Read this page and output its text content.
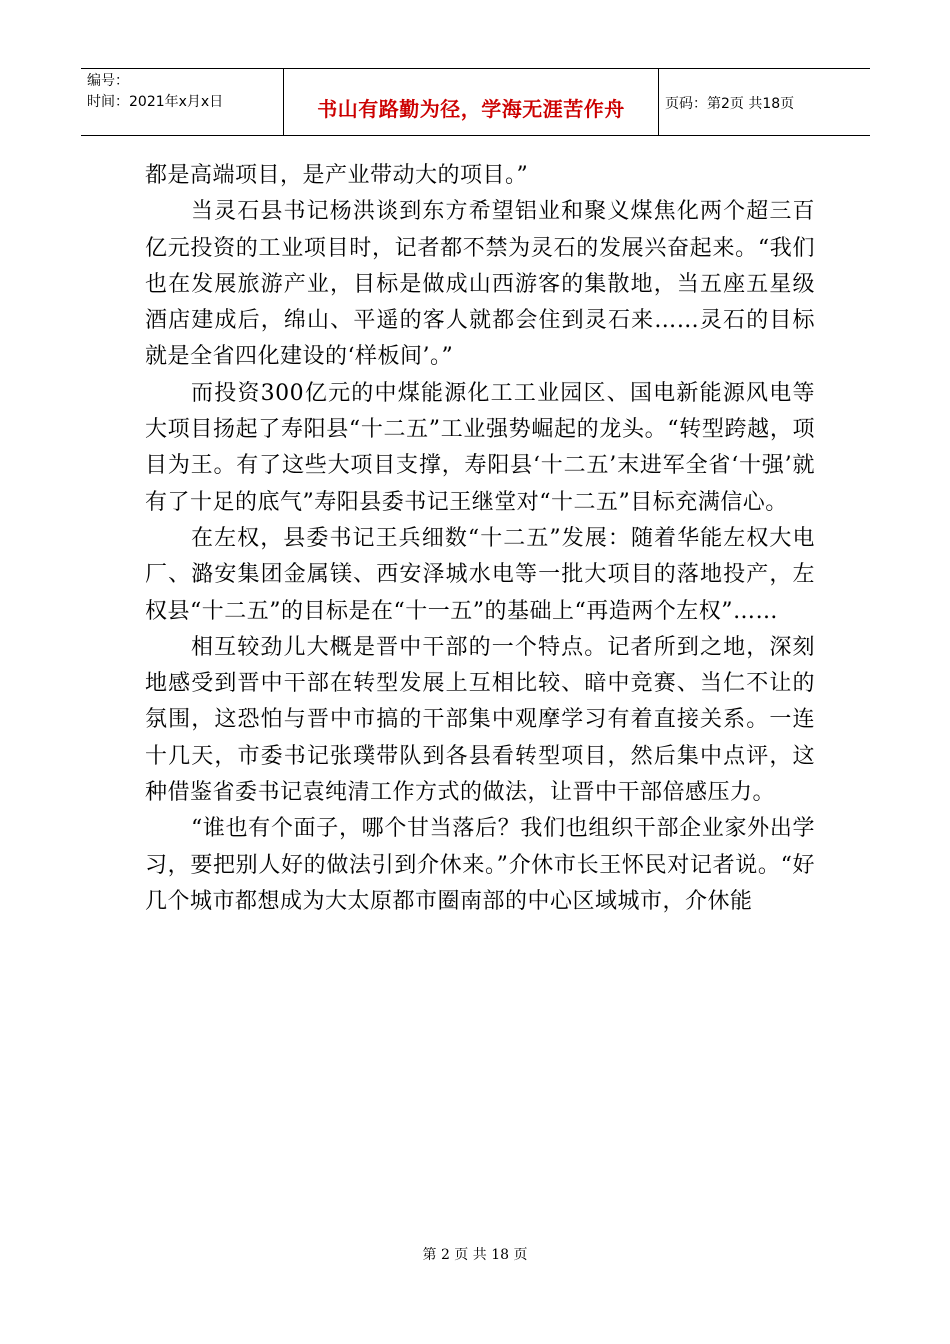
编号：
时间：2021年x月x日	书山有路勤为径，学海无涯苦作舟	页码：第2页 共18页

都是高端项目，是产业带动大的项目。”

当灵石县书记杨洪谈到东方希望铝业和聚义煤焦化两个超三百亿元投资的工业项目时，记者都不禁为灵石的发展兴奋起来。“我们也在发展旅游产业，目标是做成山西游客的集散地，当五座五星级酒店建成后，绵山、平遥的客人就都会住到灵石来……灵石的目标就是全省四化建设的‘样板间’。”

而投资300亿元的中煤能源化工工业园区、国电新能源风电等大项目扬起了寿阳县“十二五”工业强势崛起的龙头。“转型跨越，项目为王。有了这些大项目支撑，寿阳县‘十二五’末进军全省‘十强’就有了十足的底气”寿阳县委书记王继堂对“十二五”目标充满信心。

在左权，县委书记王兵细数“十二五”发展：随着华能左权大电厂、潞安集团金属镁、西安泽城水电等一批大项目的落地投产，左权县“十二五”的目标是在“十一五”的基础上“再造两个左权”……

相互较劲儿大概是晋中干部的一个特点。记者所到之地，深刻地感受到晋中干部在转型发展上互相比较、暗中竞赛、当仁不让的氛围，这恐怕与晋中市搞的干部集中观摩学习有着直接关系。一连十几天，市委书记张璞带队到各县看转型项目，然后集中点评，这种借鉴省委书记袁纯清工作方式的做法，让晋中干部倍感压力。

“谁也有个面子，哪个甘当落后？我们也组织干部企业家外出学习，要把别人好的做法引到介休来。”介休市长王怀民对记者说。“好几个城市都想成为大太原都市圈南部的中心区域城市，介休能

第 2 页 共 18 页
